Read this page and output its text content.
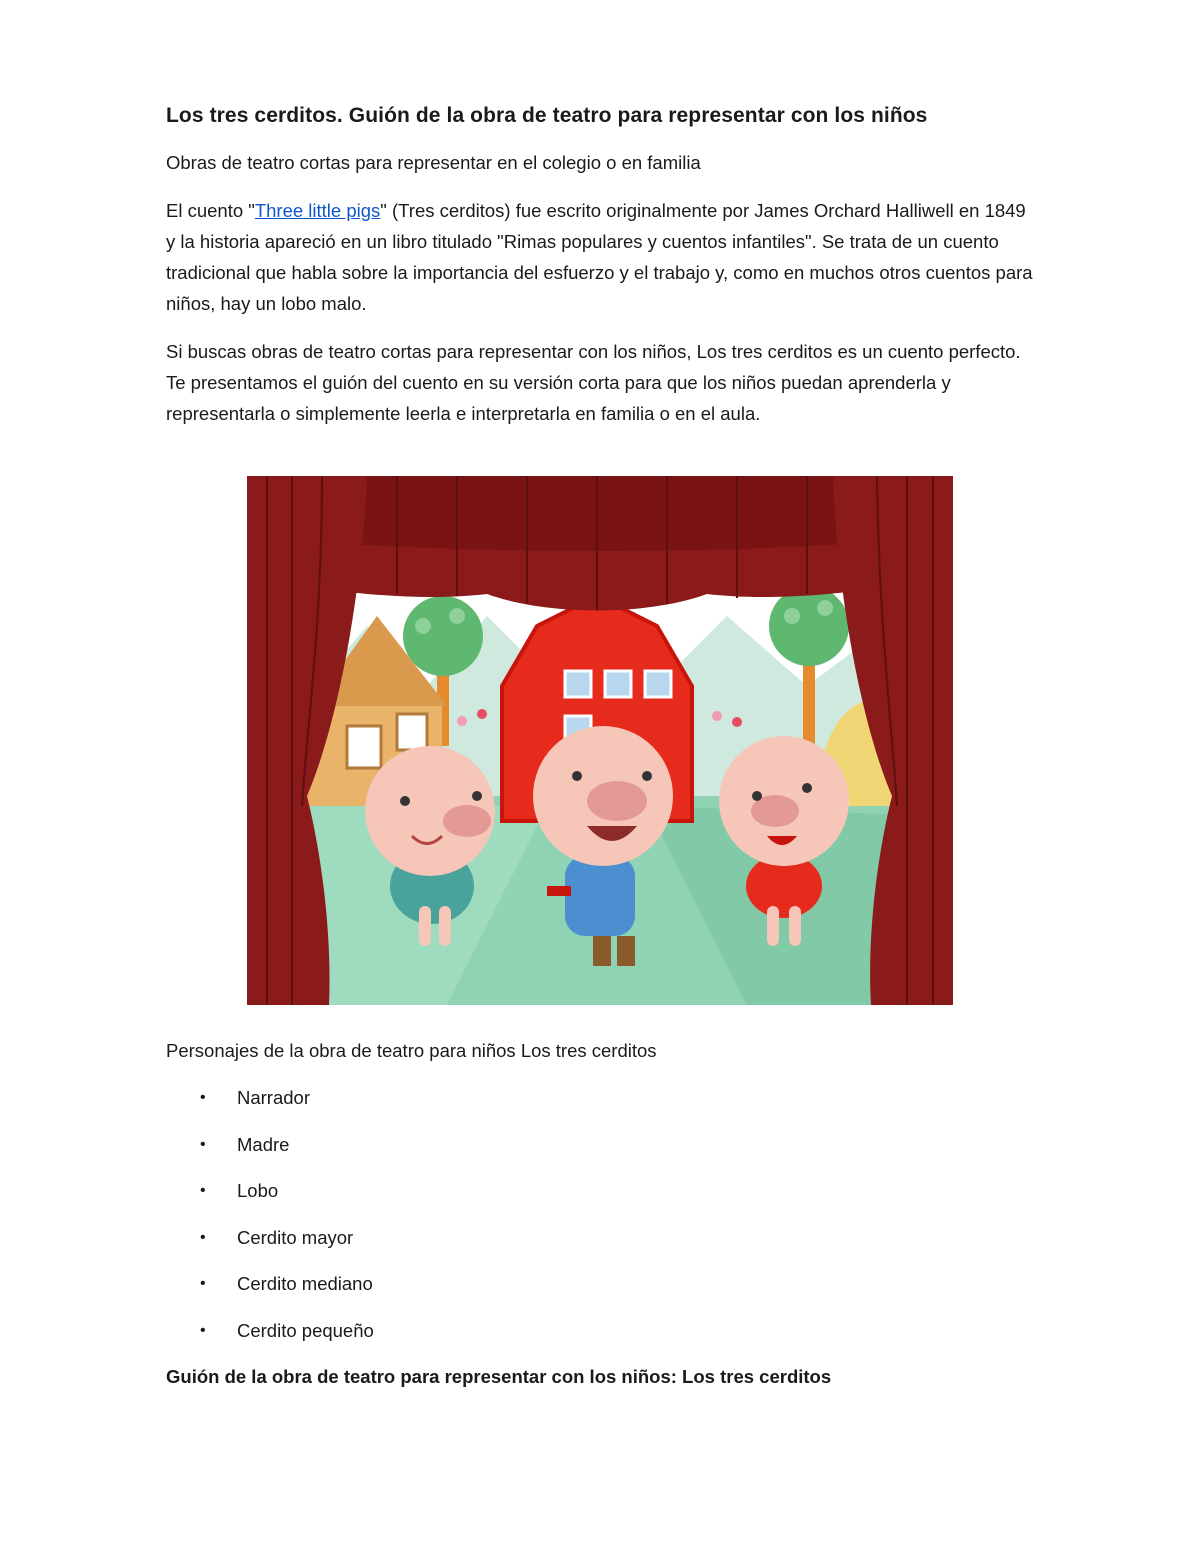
Los tres cerditos. Guión de la obra de teatro para representar con los niños

Obras de teatro cortas para representar en el colegio o en familia

El cuento "Three little pigs" (Tres cerditos) fue escrito originalmente por James Orchard Halliwell en 1849 y la historia apareció en un libro titulado "Rimas populares y cuentos infantiles". Se trata de un cuento tradicional que habla sobre la importancia del esfuerzo y el trabajo y, como en muchos otros cuentos para niños, hay un lobo malo.

Si buscas obras de teatro cortas para representar con los niños, Los tres cerditos es un cuento perfecto. Te presentamos el guión del cuento en su versión corta para que los niños puedan aprenderla y representarla o simplemente leerla e interpretarla en familia o en el aula.

Personajes de la obra de teatro para niños Los tres cerditos
•	Narrador
•	Madre
•	Lobo
•	Cerdito mayor
•	Cerdito mediano
•	Cerdito pequeño
Guión de la obra de teatro para representar con los niños: Los tres cerditos
